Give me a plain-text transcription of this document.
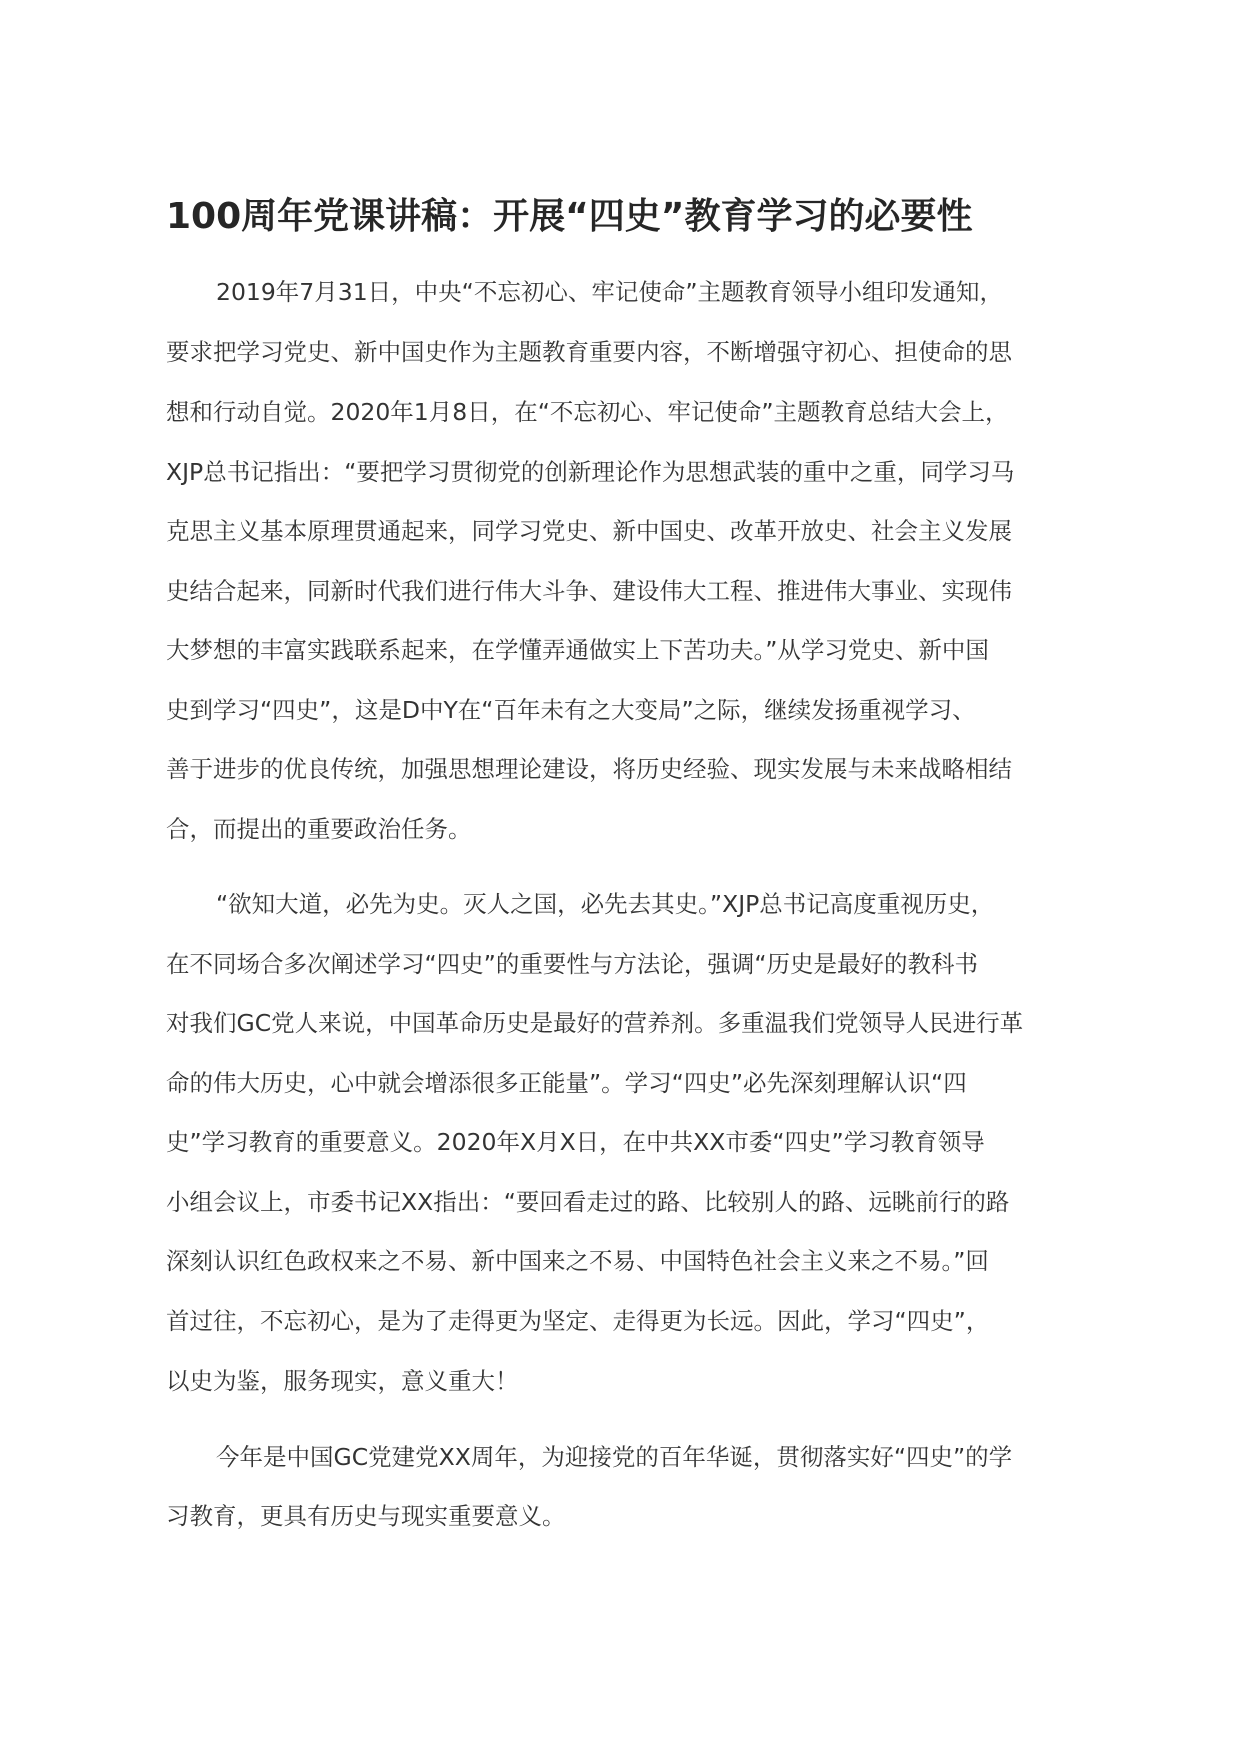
100周年党课讲稿：开展“四史”教育学习的必要性
2019年7月31日，中央“不忘初心、牢记使命”主题教育领导小组印发通知，
要求把学习党史、新中国史作为主题教育重要内容，不断增强守初心、担使命的思
想和行动自觉。2020年1月8日，在“不忘初心、牢记使命”主题教育总结大会上，
XJP总书记指出：“要把学习贯彻党的创新理论作为思想武装的重中之重，同学习马
克思主义基本原理贯通起来，同学习党史、新中国史、改革开放史、社会主义发展
史结合起来，同新时代我们进行伟大斗争、建设伟大工程、推进伟大事业、实现伟
大梦想的丰富实践联系起来，在学懂弄通做实上下苦功夫。”从学习党史、新中国
史到学习“四史”，这是D中Y在“百年未有之大变局”之际，继续发扬重视学习、
善于进步的优良传统，加强思想理论建设，将历史经验、现实发展与未来战略相结
合，而提出的重要政治任务。
“欲知大道，必先为史。灭人之国，必先去其史。”XJP总书记高度重视历史，
在不同场合多次阐述学习“四史”的重要性与方法论，强调“历史是最好的教科书
对我们GC党人来说，中国革命历史是最好的营养剂。多重温我们党领导人民进行革
命的伟大历史，心中就会增添很多正能量”。学习“四史”必先深刻理解认识“四
史”学习教育的重要意义。2020年X月X日，在中共XX市委“四史”学习教育领导
小组会议上，市委书记XX指出：“要回看走过的路、比较别人的路、远眺前行的路
深刻认识红色政权来之不易、新中国来之不易、中国特色社会主义来之不易。”回
首过往，不忘初心，是为了走得更为坚定、走得更为长远。因此，学习“四史”，
以史为鉴，服务现实，意义重大！
今年是中国GC党建党XX周年，为迎接党的百年华诞，贯彻落实好“四史”的学
习教育，更具有历史与现实重要意义。
